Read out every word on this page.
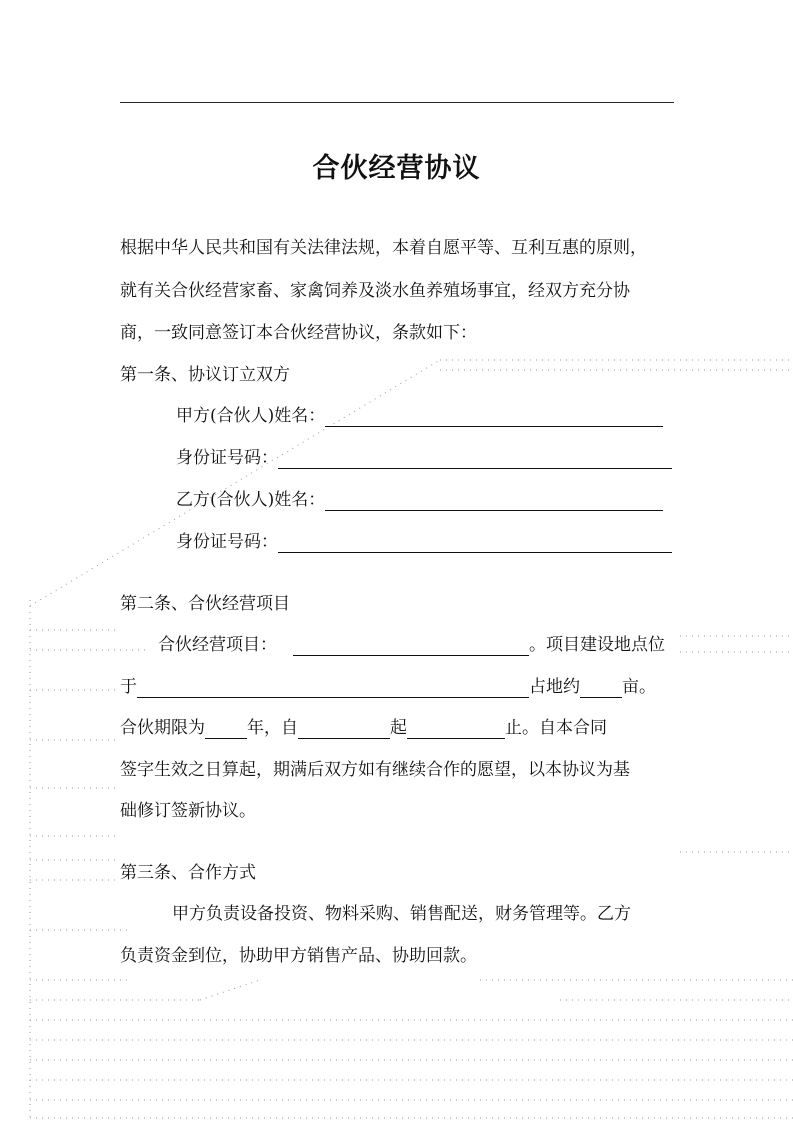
合伙经营协议
根据中华人民共和国有关法律法规，本着自愿平等、互利互惠的原则，
就有关合伙经营家畜、家禽饲养及淡水鱼养殖场事宜，经双方充分协
商，一致同意签订本合伙经营协议，条款如下：
第一条、协议订立双方
甲方(合伙人)姓名：
身份证号码：
乙方(合伙人)姓名：
身份证号码：
第二条、合伙经营项目
合伙经营项目：	。项目建设地点位
于	占地约 亩。
合伙期限为 年，自	起	止。自本合同
签字生效之日算起，期满后双方如有继续合作的愿望，以本协议为基
础修订签新协议。
第三条、合作方式
甲方负责设备投资、物料采购、销售配送，财务管理等。乙方
负责资金到位，协助甲方销售产品、协助回款。
